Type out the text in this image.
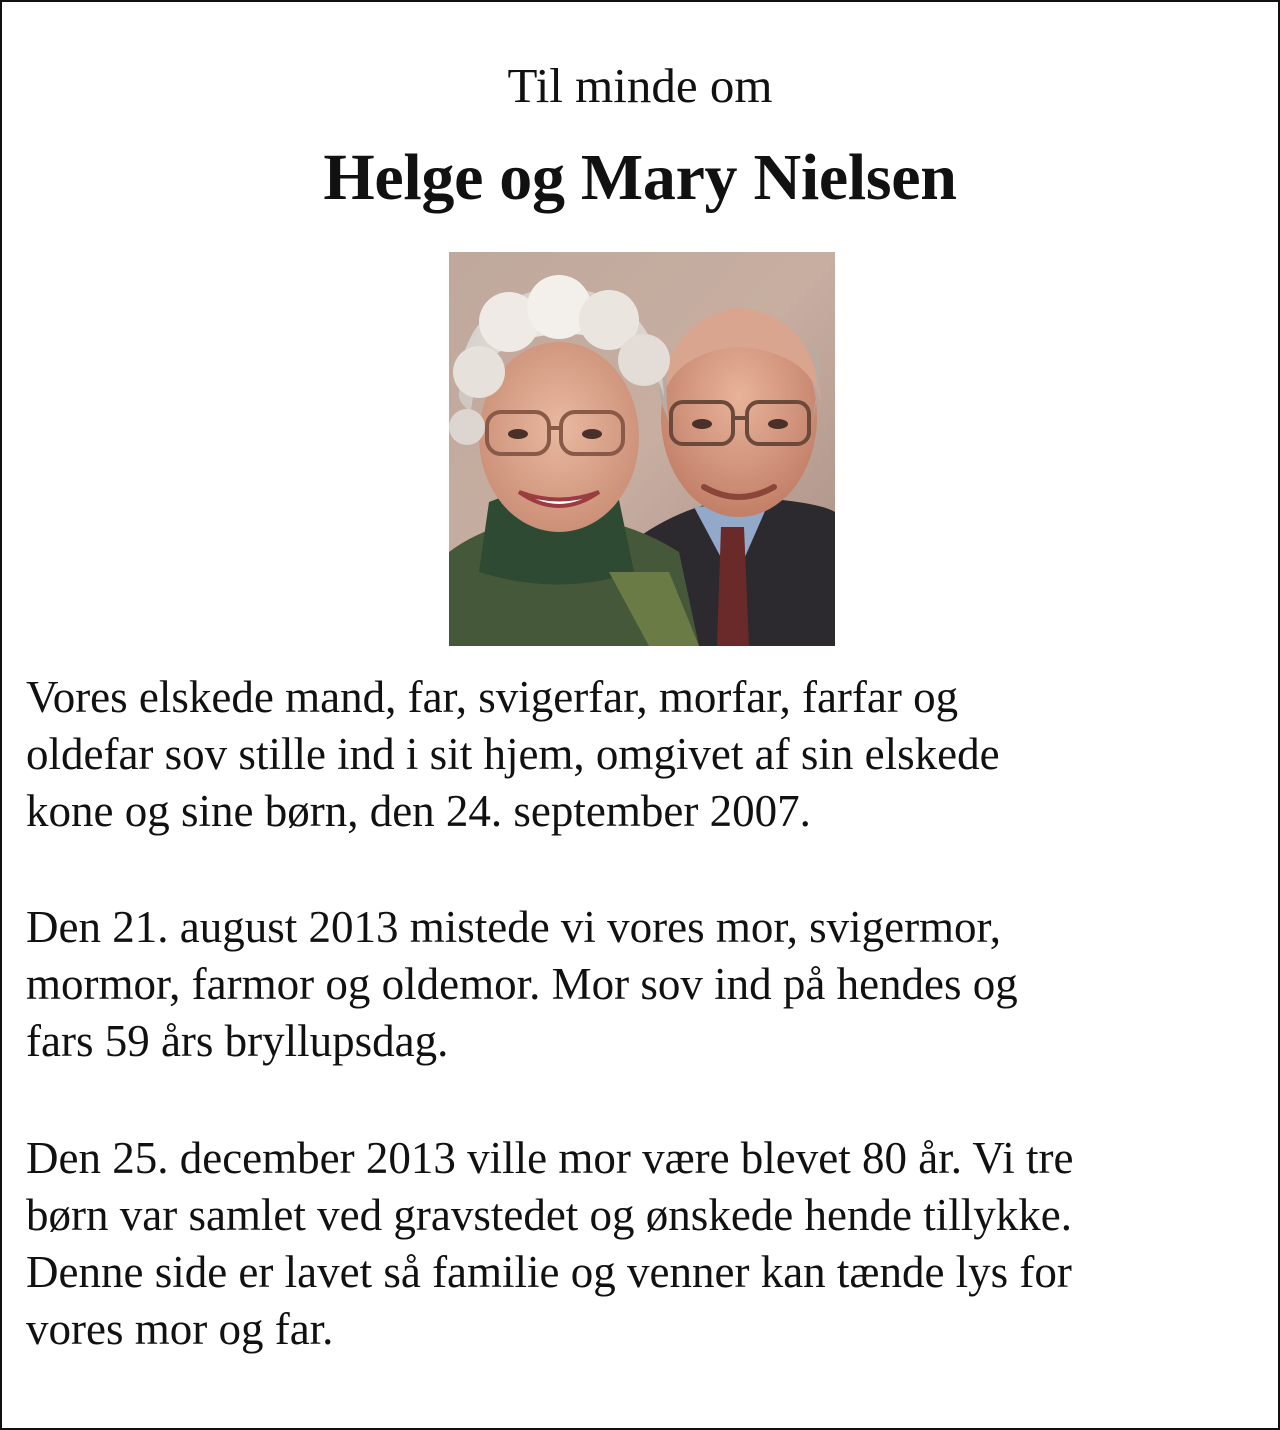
Til minde om
Helge og Mary Nielsen

Vores elskede mand, far, svigerfar, morfar, farfar og
oldefar sov stille ind i sit hjem, omgivet af sin elskede
kone og sine børn, den 24. september 2007.

Den 21. august 2013 mistede vi vores mor, svigermor,
mormor, farmor og oldemor. Mor sov ind på hendes og
fars 59 års bryllupsdag.

Den 25. december 2013 ville mor være blevet 80 år. Vi tre
børn var samlet ved gravstedet og ønskede hende tillykke.
Denne side er lavet så familie og venner kan tænde lys for
vores mor og far.
